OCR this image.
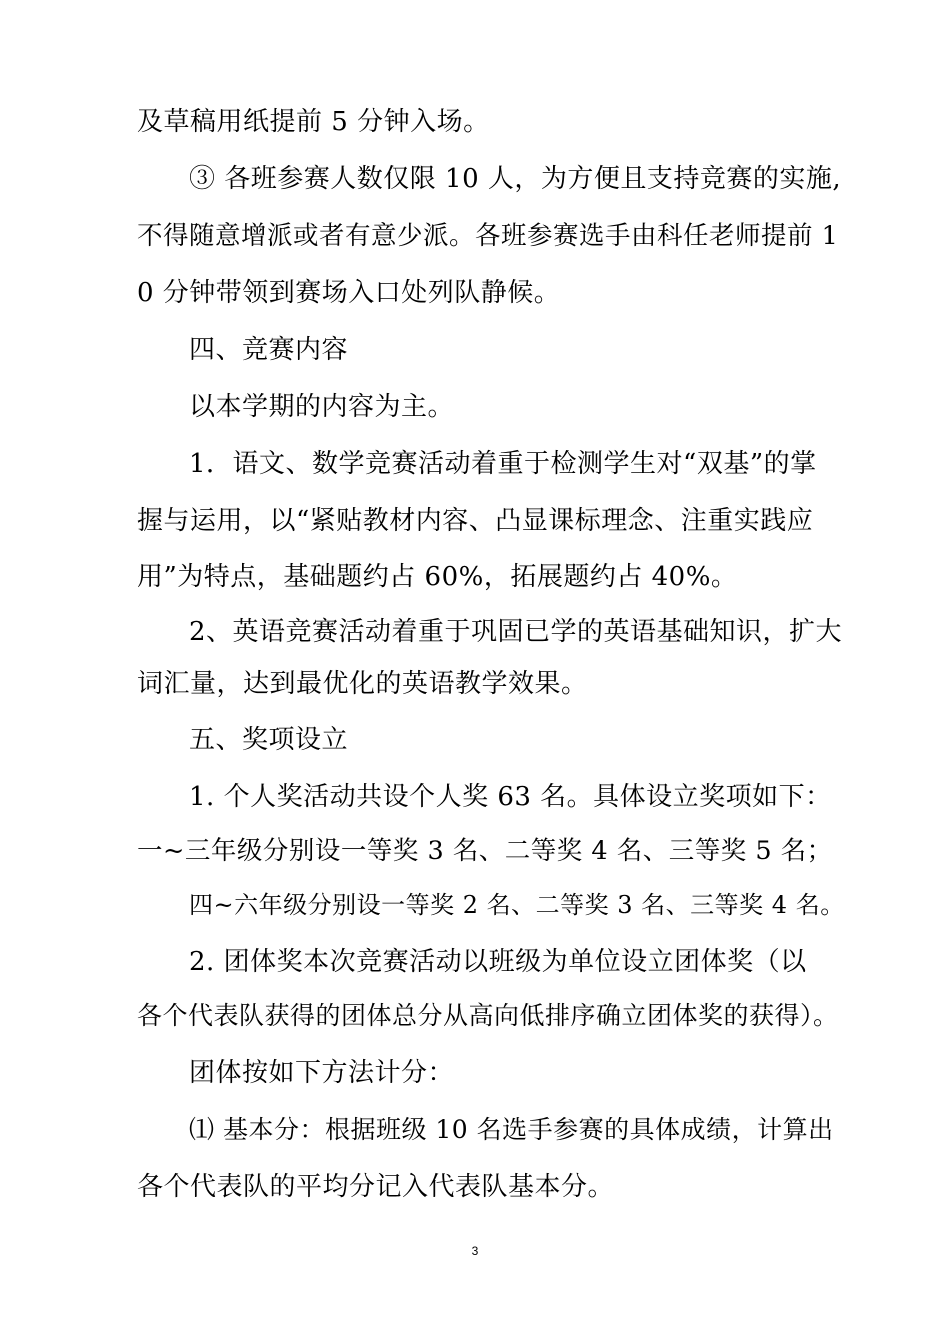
及草稿用纸提前 5 分钟入场。
③ 各班参赛人数仅限 10 人，为方便且支持竞赛的实施,
不得随意增派或者有意少派。各班参赛选手由科任老师提前 1
0 分钟带领到赛场入口处列队静候。
四、竞赛内容
以本学期的内容为主。
1．语文、数学竞赛活动着重于检测学生对“双基”的掌
握与运用，以“紧贴教材内容、凸显课标理念、注重实践应
用”为特点，基础题约占 60%，拓展题约占 40%。
2、英语竞赛活动着重于巩固已学的英语基础知识，扩大
词汇量，达到最优化的英语教学效果。
五、奖项设立
1. 个人奖活动共设个人奖 63 名。具体设立奖项如下：
一~三年级分别设一等奖 3 名、二等奖 4 名、三等奖 5 名；
四~六年级分别设一等奖 2 名、二等奖 3 名、三等奖 4 名。
2. 团体奖本次竞赛活动以班级为单位设立团体奖（以
各个代表队获得的团体总分从高向低排序确立团体奖的获得）。
团体按如下方法计分：
⑴ 基本分：根据班级 10 名选手参赛的具体成绩，计算出
各个代表队的平均分记入代表队基本分。
3
